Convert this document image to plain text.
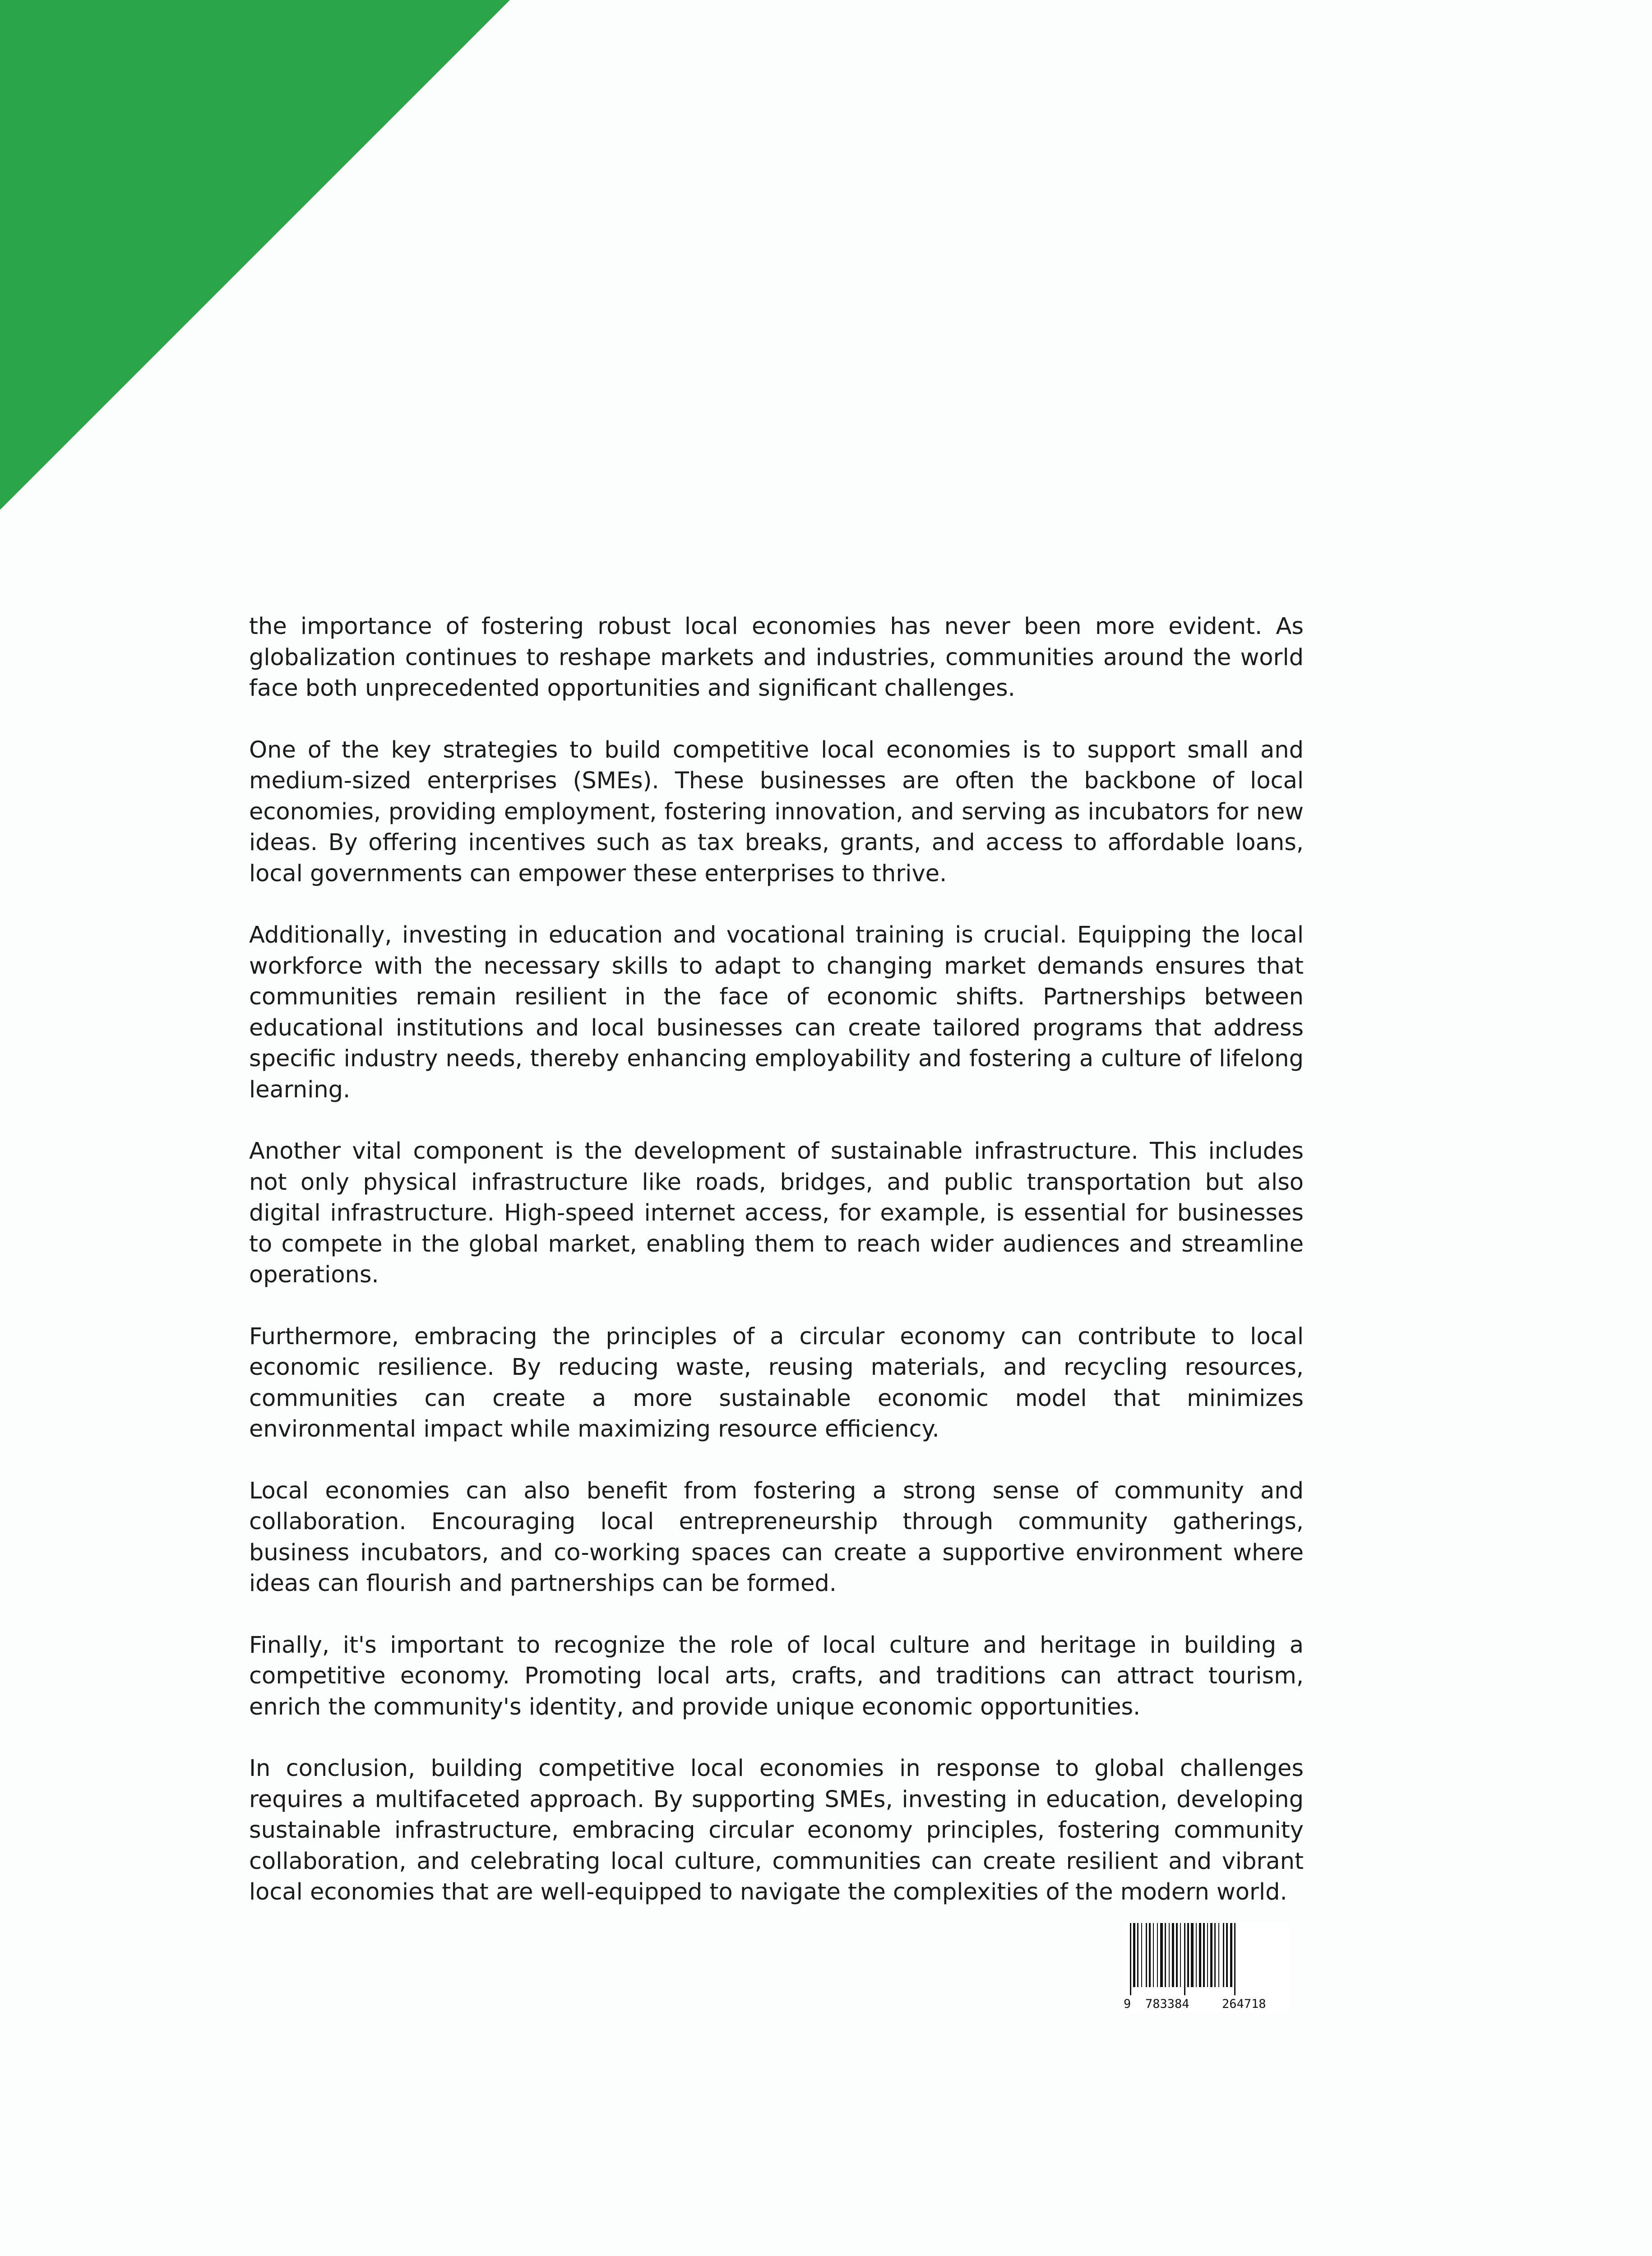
the importance of fostering robust local economies has never been more evident. As globalization continues to reshape markets and industries, communities around the world face both unprecedented opportunities and significant challenges.

One of the key strategies to build competitive local economies is to support small and medium-sized enterprises (SMEs). These businesses are often the backbone of local economies, providing employment, fostering innovation, and serving as incubators for new ideas. By offering incentives such as tax breaks, grants, and access to affordable loans, local governments can empower these enterprises to thrive.

Additionally, investing in education and vocational training is crucial. Equipping the local workforce with the necessary skills to adapt to changing market demands ensures that communities remain resilient in the face of economic shifts. Partnerships between educational institutions and local businesses can create tailored programs that address specific industry needs, thereby enhancing employability and fostering a culture of lifelong learning.

Another vital component is the development of sustainable infrastructure. This includes not only physical infrastructure like roads, bridges, and public transportation but also digital infrastructure. High-speed internet access, for example, is essential for businesses to compete in the global market, enabling them to reach wider audiences and streamline operations.

Furthermore, embracing the principles of a circular economy can contribute to local economic resilience. By reducing waste, reusing materials, and recycling resources, communities can create a more sustainable economic model that minimizes environmental impact while maximizing resource efficiency.

Local economies can also benefit from fostering a strong sense of community and collaboration. Encouraging local entrepreneurship through community gatherings, business incubators, and co-working spaces can create a supportive environment where ideas can flourish and partnerships can be formed.

Finally, it's important to recognize the role of local culture and heritage in building a competitive economy. Promoting local arts, crafts, and traditions can attract tourism, enrich the community's identity, and provide unique economic opportunities.

In conclusion, building competitive local economies in response to global challenges requires a multifaceted approach. By supporting SMEs, investing in education, developing sustainable infrastructure, embracing circular economy principles, fostering community collaboration, and celebrating local culture, communities can create resilient and vibrant local economies that are well-equipped to navigate the complexities of the modern world.

9 783384	264718
